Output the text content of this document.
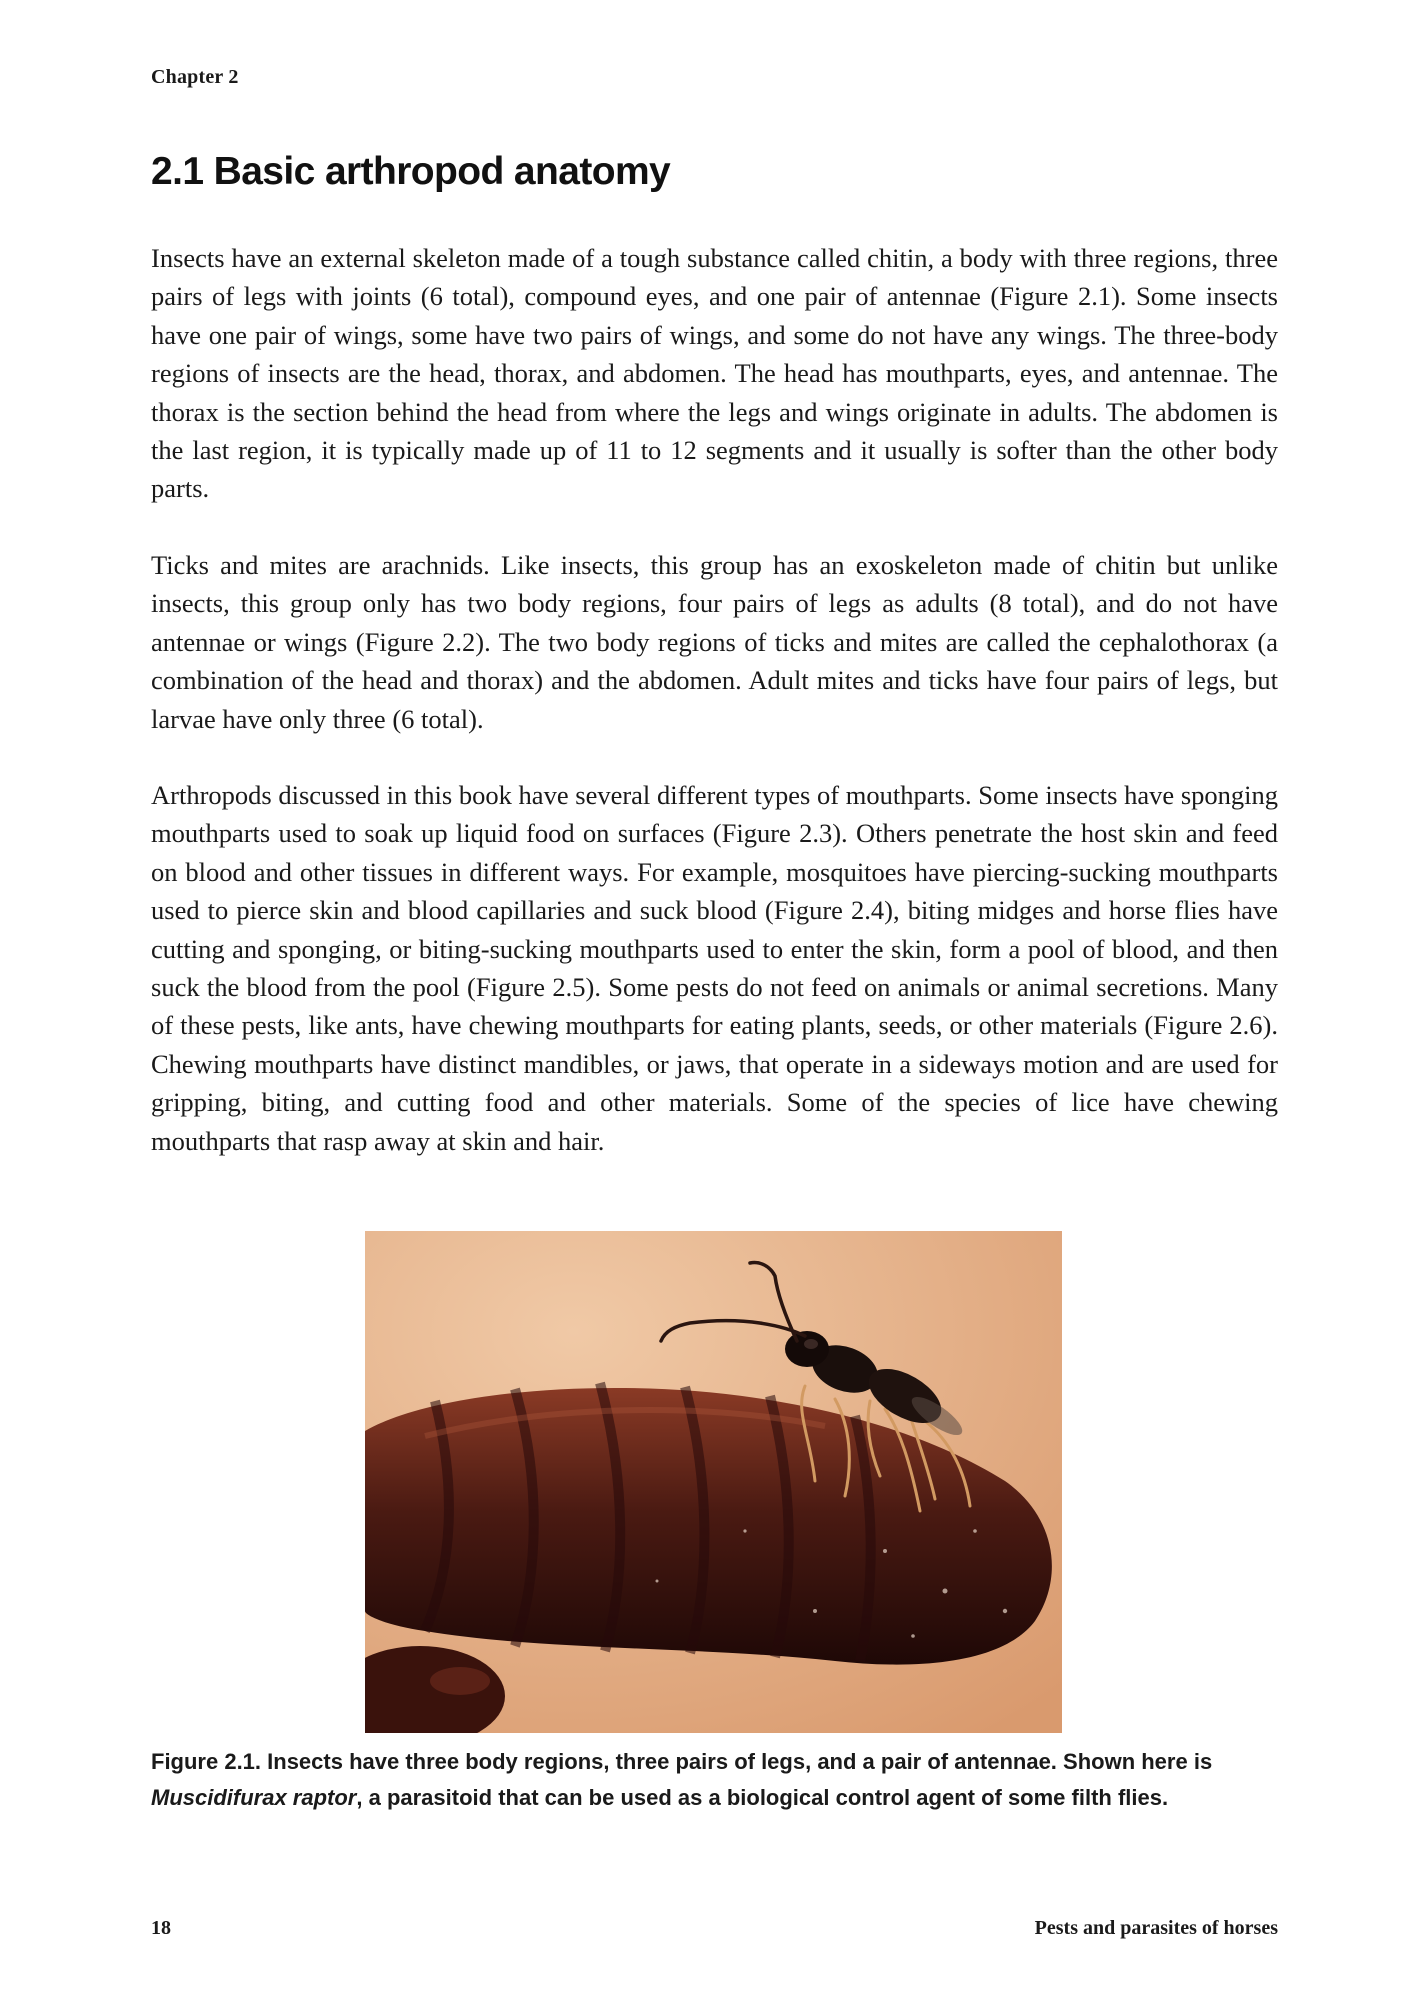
Chapter 2
2.1 Basic arthropod anatomy

Insects have an external skeleton made of a tough substance called chitin, a body with three regions, three pairs of legs with joints (6 total), compound eyes, and one pair of antennae (Figure 2.1). Some insects have one pair of wings, some have two pairs of wings, and some do not have any wings. The three-body regions of insects are the head, thorax, and abdomen. The head has mouthparts, eyes, and antennae. The thorax is the section behind the head from where the legs and wings originate in adults. The abdomen is the last region, it is typically made up of 11 to 12 segments and it usually is softer than the other body parts.

Ticks and mites are arachnids. Like insects, this group has an exoskeleton made of chitin but unlike insects, this group only has two body regions, four pairs of legs as adults (8 total), and do not have antennae or wings (Figure 2.2). The two body regions of ticks and mites are called the cephalothorax (a combination of the head and thorax) and the abdomen. Adult mites and ticks have four pairs of legs, but larvae have only three (6 total).

Arthropods discussed in this book have several different types of mouthparts. Some insects have sponging mouthparts used to soak up liquid food on surfaces (Figure 2.3). Others penetrate the host skin and feed on blood and other tissues in different ways. For example, mosquitoes have piercing-sucking mouthparts used to pierce skin and blood capillaries and suck blood (Figure 2.4), biting midges and horse flies have cutting and sponging, or biting-sucking mouthparts used to enter the skin, form a pool of blood, and then suck the blood from the pool (Figure 2.5). Some pests do not feed on animals or animal secretions. Many of these pests, like ants, have chewing mouthparts for eating plants, seeds, or other materials (Figure 2.6). Chewing mouthparts have distinct mandibles, or jaws, that operate in a sideways motion and are used for gripping, biting, and cutting food and other materials. Some of the species of lice have chewing mouthparts that rasp away at skin and hair.

Figure 2.1. Insects have three body regions, three pairs of legs, and a pair of antennae. Shown here is Muscidifurax raptor, a parasitoid that can be used as a biological control agent of some filth flies.

18	Pests and parasites of horses
